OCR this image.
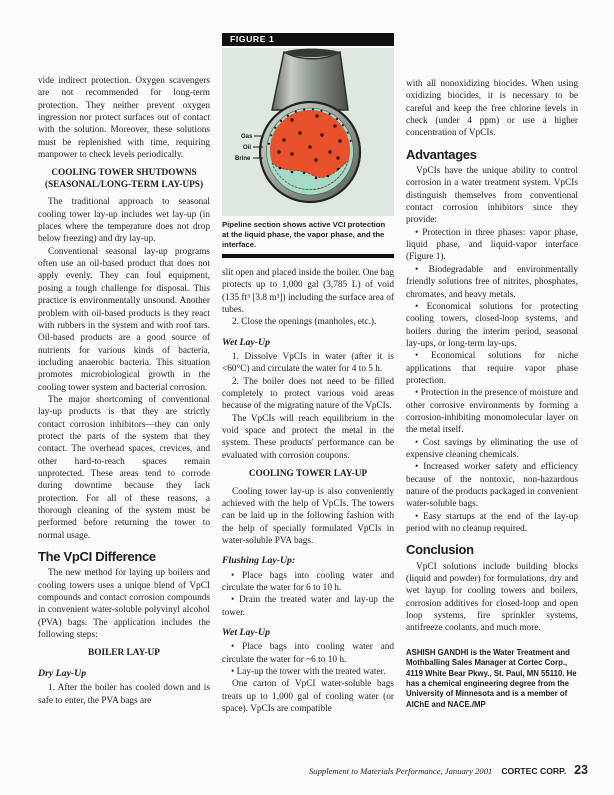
vide indirect protection. Oxygen scavengers are not recommended for long-term protection. They neither prevent oxygen ingression nor protect surfaces out of contact with the solution. Moreover, these solutions must be replenished with time, requiring manpower to check levels periodically.
COOLING TOWER SHUTDOWNS (SEASONAL/LONG-TERM LAY-UPS)
The traditional approach to seasonal cooling tower lay-up includes wet lay-up (in places where the temperature does not drop below freezing) and dry lay-up.
Conventional seasonal lay-up programs often use an oil-based product that does not apply evenly. They can foul equipment, posing a tough challenge for disposal. This practice is environmentally unsound. Another problem with oil-based products is they react with rubbers in the system and with roof tars. Oil-based products are a good source of nutrients for various kinds of bacteria, including anaerobic bacteria. This situation promotes microbiological growth in the cooling tower system and bacterial corrosion.
The major shortcoming of conventional lay-up products is that they are strictly contact corrosion inhibitors—they can only protect the parts of the system that they contact. The overhead spaces, crevices, and other hard-to-reach spaces remain unprotected. These areas tend to corrode during downtime because they lack protection. For all of these reasons, a thorough cleaning of the system must be performed before returning the tower to normal usage.
The VpCI Difference
The new method for laying up boilers and cooling towers uses a unique blend of VpCI compounds and contact corrosion compounds in convenient water-soluble polyvinyl alcohol (PVA) bags. The application includes the following steps:
BOILER LAY-UP
Dry Lay-Up
1. After the boiler has cooled down and is safe to enter, the PVA bags are
FIGURE 1
Gas
Oil
Brine
Pipeline section shows active VCI protection at the liquid phase, the vapor phase, and the interface.
slit open and placed inside the boiler. One bag protects up to 1,000 gal (3,785 L) of void (135 ft³ [3.8 m³]) including the surface area of tubes.
2. Close the openings (manholes, etc.).
Wet Lay-Up
1. Dissolve VpCIs in water (after it is <60°C) and circulate the water for 4 to 5 h.
2. The boiler does not need to be filled completely to protect various void areas because of the migrating nature of the VpCIs.
The VpCIs will reach equilibrium in the void space and protect the metal in the system. These products' performance can be evaluated with corrosion coupons.
COOLING TOWER LAY-UP
Cooling tower lay-up is also conveniently achieved with the help of VpCIs. The towers can be laid up in the following fashion with the help of specially formulated VpCIs in water-soluble PVA bags.
Flushing Lay-Up:
• Place bags into cooling water and circulate the water for 6 to 10 h.
• Drain the treated water and lay-up the tower.
Wet Lay-Up
• Place bags into cooling water and circulate the water for ~6 to 10 h.
• Lay-up the tower with the treated water.
One carton of VpCI water-soluble bags treats up to 1,000 gal of cooling water (or space). VpCIs are compatible
with all nonoxidizing biocides. When using oxidizing biocides, it is necessary to be careful and keep the free chlorine levels in check (under 4 ppm) or use a higher concentration of VpCIs.
Advantages
VpCIs have the unique ability to control corrosion in a water treatment system. VpCIs distinguish themselves from conventional contact corrosion inhibitors since they provide:
• Protection in three phases: vapor phase, liquid phase, and liquid-vapor interface (Figure 1).
• Biodegradable and environmentally friendly solutions free of nitrites, phosphates, chromates, and heavy metals.
• Economical solutions for protecting cooling towers, closed-loop systems, and boilers during the interim period, seasonal lay-ups, or long-term lay-ups.
• Economical solutions for niche applications that require vapor phase protection.
• Protection in the presence of moisture and other corrosive environments by forming a corrosion-inhibiting monomolecular layer on the metal itself.
• Cost savings by eliminating the use of expensive cleaning chemicals.
• Increased worker safety and efficiency because of the nontoxic, non-hazardous nature of the products packaged in convenient water-soluble bags.
• Easy startups at the end of the lay-up period with no cleanup required.
Conclusion
VpCI solutions include building blocks (liquid and powder) for formulations, dry and wet layup for cooling towers and boilers, corrosion additives for closed-loop and open loop systems, fire sprinkler systems, antifreeze coolants, and much more.
ASHISH GANDHI is the Water Treatment and Mothballing Sales Manager at Cortec Corp., 4119 White Bear Pkwy., St. Paul, MN 55110. He has a chemical engineering degree from the University of Minnesota and is a member of AIChE and NACE./MP
Supplement to Materials Performance, January 2001 CORTEC CORP. 23
